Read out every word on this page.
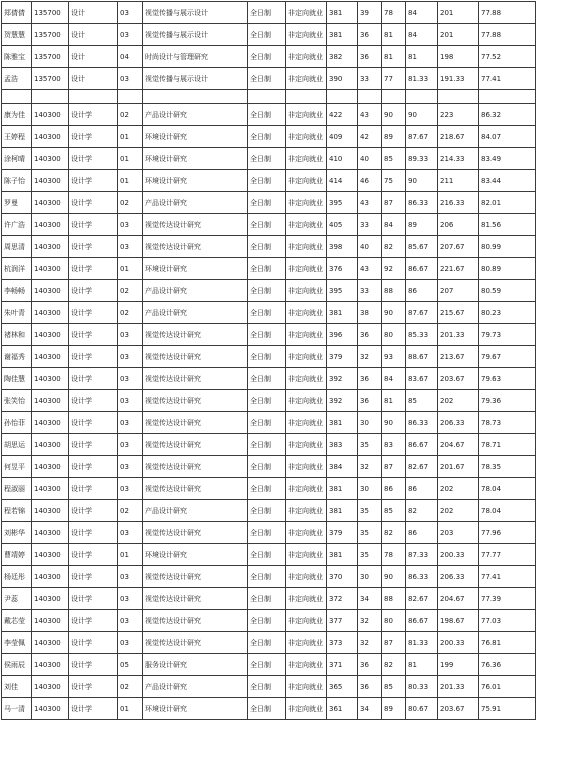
郑倩倩	135700	设计	03	视觉传播与展示设计	全日制	非定向就业	381	39	78	84	201	77.88
贺慧慧	135700	设计	03	视觉传播与展示设计	全日制	非定向就业	381	36	81	84	201	77.88
陈雅宝	135700	设计	04	时尚设计与管理研究	全日制	非定向就业	382	36	81	81	198	77.52
孟浩	135700	设计	03	视觉传播与展示设计	全日制	非定向就业	390	33	77	81.33	191.33	77.41

康为佳	140300	设计学	02	产品设计研究	全日制	非定向就业	422	43	90	90	223	86.32
王婷程	140300	设计学	01	环境设计研究	全日制	非定向就业	409	42	89	87.67	218.67	84.07
涂柯晴	140300	设计学	01	环境设计研究	全日制	非定向就业	410	40	85	89.33	214.33	83.49
陈子怡	140300	设计学	01	环境设计研究	全日制	非定向就业	414	46	75	90	211	83.44
罗曼	140300	设计学	02	产品设计研究	全日制	非定向就业	395	43	87	86.33	216.33	82.01
许广浩	140300	设计学	03	视觉传达设计研究	全日制	非定向就业	405	33	84	89	206	81.56
周思清	140300	设计学	03	视觉传达设计研究	全日制	非定向就业	398	40	82	85.67	207.67	80.99
杭润洋	140300	设计学	01	环境设计研究	全日制	非定向就业	376	43	92	86.67	221.67	80.89
李畅畅	140300	设计学	02	产品设计研究	全日制	非定向就业	395	33	88	86	207	80.59
朱叶青	140300	设计学	02	产品设计研究	全日制	非定向就业	381	38	90	87.67	215.67	80.23
褚林和	140300	设计学	03	视觉传达设计研究	全日制	非定向就业	396	36	80	85.33	201.33	79.73
谢福秀	140300	设计学	03	视觉传达设计研究	全日制	非定向就业	379	32	93	88.67	213.67	79.67
陶佳慧	140300	设计学	03	视觉传达设计研究	全日制	非定向就业	392	36	84	83.67	203.67	79.63
张笑怡	140300	设计学	03	视觉传达设计研究	全日制	非定向就业	392	36	81	85	202	79.36
孙怡菲	140300	设计学	03	视觉传达设计研究	全日制	非定向就业	381	30	90	86.33	206.33	78.73
胡思运	140300	设计学	03	视觉传达设计研究	全日制	非定向就业	383	35	83	86.67	204.67	78.71
何昱平	140300	设计学	03	视觉传达设计研究	全日制	非定向就业	384	32	87	82.67	201.67	78.35
程淑丽	140300	设计学	03	视觉传达设计研究	全日制	非定向就业	381	30	86	86	202	78.04
程若锦	140300	设计学	02	产品设计研究	全日制	非定向就业	381	35	85	82	202	78.04
刘彬华	140300	设计学	03	视觉传达设计研究	全日制	非定向就业	379	35	82	86	203	77.96
曹靖婷	140300	设计学	01	环境设计研究	全日制	非定向就业	381	35	78	87.33	200.33	77.77
杨廷彤	140300	设计学	03	视觉传达设计研究	全日制	非定向就业	370	30	90	86.33	206.33	77.41
尹蕊	140300	设计学	03	视觉传达设计研究	全日制	非定向就业	372	34	88	82.67	204.67	77.39
戴芯莹	140300	设计学	03	视觉传达设计研究	全日制	非定向就业	377	32	80	86.67	198.67	77.03
李莹佩	140300	设计学	03	视觉传达设计研究	全日制	非定向就业	373	32	87	81.33	200.33	76.81
侯雨辰	140300	设计学	05	服务设计研究	全日制	非定向就业	371	36	82	81	199	76.36
刘佳	140300	设计学	02	产品设计研究	全日制	非定向就业	365	36	85	80.33	201.33	76.01
马一清	140300	设计学	01	环境设计研究	全日制	非定向就业	361	34	89	80.67	203.67	75.91
